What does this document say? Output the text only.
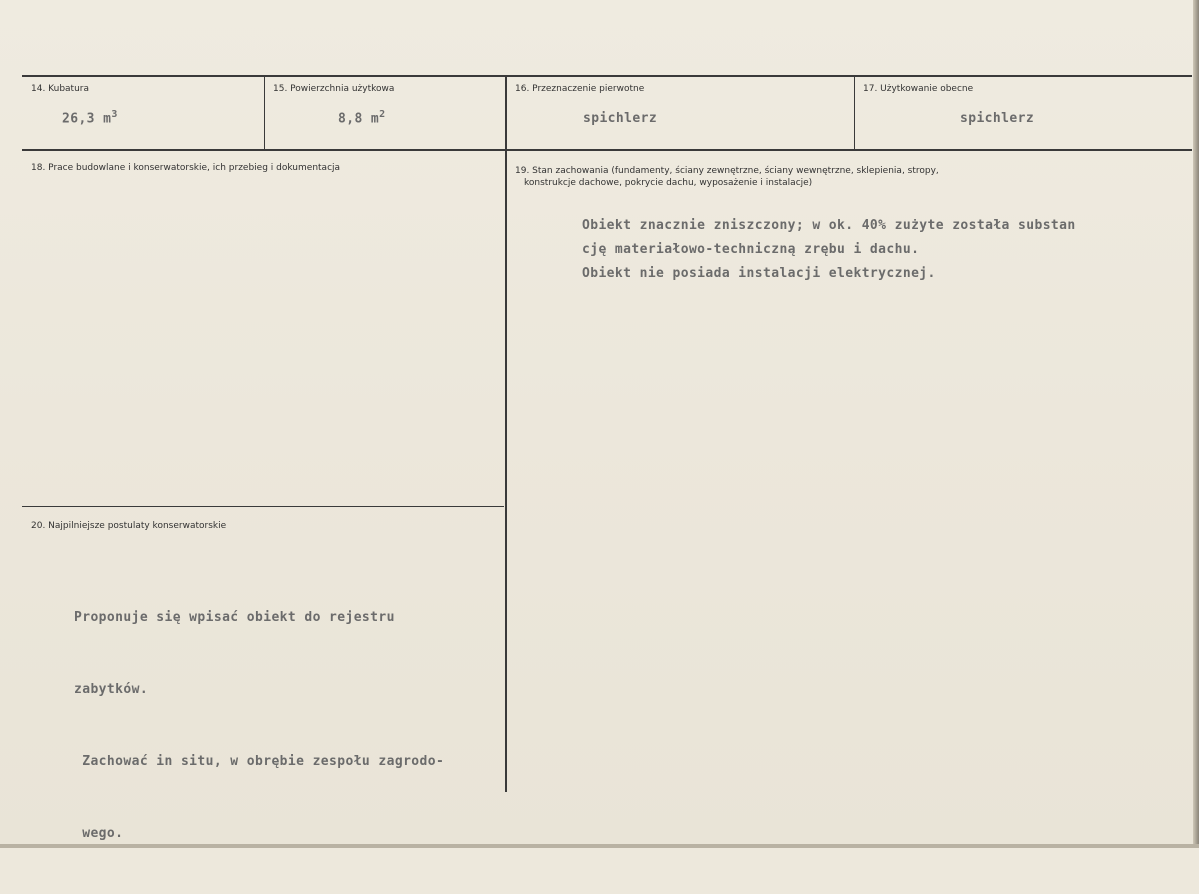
14. Kubatura
26,3 $m^3$
15. Powierzchnia użytkowa
8,8 $m^2$
16. Przeznaczenie pierwotne
spichlerz
17. Użytkowanie obecne
spichlerz
18. Prace budowlane i konserwatorskie, ich przebieg i dokumentacja	19. Stan zachowania (fundamenty, ściany zewnętrzne, ściany wewnętrzne, sklepienia, stropy,
konstrukcje dachowe, pokrycie dachu, wyposażenie i instalacje)
Obiekt znacznie zniszczony; w ok. 40% zużyte została substan
cję materiałowo-techniczną zrębu i dachu.
Obiekt nie posiada instalacji elektrycznej.
20. Najpilniejsze postulaty konserwatorskie

Proponuje się wpisać obiekt do rejestru

zabytków.

Zachować in situ, w obrębie zespołu zagrodo-

wego.
